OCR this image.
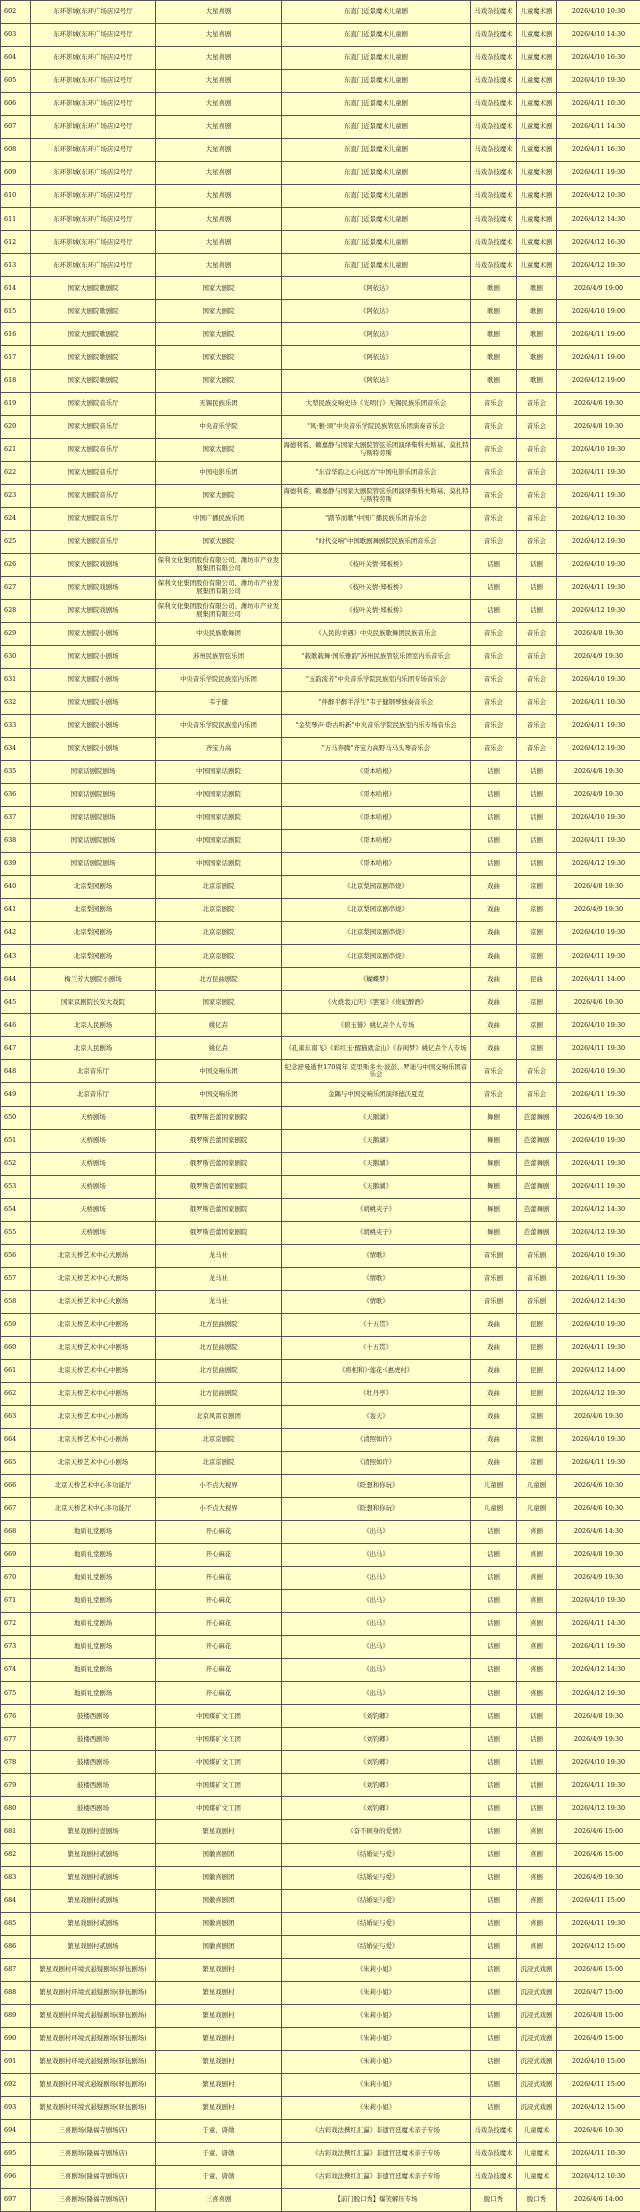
602	东环影城(东环广场店)2号厅	大星喜剧	东直门近景魔术儿童剧	马戏杂技魔术	儿童魔术剧	2026/4/10 10:30
603	东环影城(东环广场店)2号厅	大星喜剧	东直门近景魔术儿童剧	马戏杂技魔术	儿童魔术剧	2026/4/10 14:30
604	东环影城(东环广场店)2号厅	大星喜剧	东直门近景魔术儿童剧	马戏杂技魔术	儿童魔术剧	2026/4/10 16:30
605	东环影城(东环广场店)2号厅	大星喜剧	东直门近景魔术儿童剧	马戏杂技魔术	儿童魔术剧	2026/4/10 19:30
606	东环影城(东环广场店)2号厅	大星喜剧	东直门近景魔术儿童剧	马戏杂技魔术	儿童魔术剧	2026/4/11 10:30
607	东环影城(东环广场店)2号厅	大星喜剧	东直门近景魔术儿童剧	马戏杂技魔术	儿童魔术剧	2026/4/11 14:30
608	东环影城(东环广场店)2号厅	大星喜剧	东直门近景魔术儿童剧	马戏杂技魔术	儿童魔术剧	2026/4/11 16:30
609	东环影城(东环广场店)2号厅	大星喜剧	东直门近景魔术儿童剧	马戏杂技魔术	儿童魔术剧	2026/4/11 19:30
610	东环影城(东环广场店)2号厅	大星喜剧	东直门近景魔术儿童剧	马戏杂技魔术	儿童魔术剧	2026/4/12 10:30
611	东环影城(东环广场店)2号厅	大星喜剧	东直门近景魔术儿童剧	马戏杂技魔术	儿童魔术剧	2026/4/12 14:30
612	东环影城(东环广场店)2号厅	大星喜剧	东直门近景魔术儿童剧	马戏杂技魔术	儿童魔术剧	2026/4/12 16:30
613	东环影城(东环广场店)2号厅	大星喜剧	东直门近景魔术儿童剧	马戏杂技魔术	儿童魔术剧	2026/4/12 19:30
614	国家大剧院歌剧院	国家大剧院	《阿依达》	歌剧	歌剧	2026/4/9 19:00
615	国家大剧院歌剧院	国家大剧院	《阿依达》	歌剧	歌剧	2026/4/10 19:00
616	国家大剧院歌剧院	国家大剧院	《阿依达》	歌剧	歌剧	2026/4/11 19:00
617	国家大剧院歌剧院	国家大剧院	《阿依达》	歌剧	歌剧	2026/4/11 19:00
618	国家大剧院歌剧院	国家大剧院	《阿依达》	歌剧	歌剧	2026/4/12 19:00
619	国家大剧院音乐厅	无锡民族乐团	大型民族交响史诗《光明行》无锡民族乐团音乐会	音乐会	音乐会	2026/4/6 19:30
620	国家大剧院音乐厅	中央音乐学院	"风·雅·颂"中央音乐学院民族管弦乐团演奏音乐会	音乐会	音乐会	2026/4/8 19:30
621	国家大剧院音乐厅	国家大剧院	海德利希、赖嘉静与国家大剧院管弦乐团演绎柴科夫斯基、莫扎特与斯特劳斯	音乐会	音乐会	2026/4/10 19:30
622	国家大剧院音乐厅	中国电影乐团	"东营华韵之心向远方"中国电影乐团音乐会	音乐会	音乐会	2026/4/11 19:30
623	国家大剧院音乐厅	国家大剧院	海德利希、赖嘉静与国家大剧院管弦乐团演绎柴科夫斯基、莫扎特与斯特劳斯	音乐会	音乐会	2026/4/11 19:30
624	国家大剧院音乐厅	中国广播民族乐团	"踏节而歌"中国广播民族乐团音乐会	音乐会	音乐会	2026/4/12 10:30
625	国家大剧院音乐厅	国家大剧院	"时代交响"中国歌剧舞剧院民族乐团音乐会	音乐会	音乐会	2026/4/12 19:30
626	国家大剧院戏剧场	保利文化集团股份有限公司、潍坊市产业发展集团有限公司	《枝叶关情·郑板桥》	话剧	话剧	2026/4/10 19:30
627	国家大剧院戏剧场	保利文化集团股份有限公司、潍坊市产业发展集团有限公司	《枝叶关情·郑板桥》	话剧	话剧	2026/4/11 19:30
628	国家大剧院戏剧场	保利文化集团股份有限公司、潍坊市产业发展集团有限公司	《枝叶关情·郑板桥》	话剧	话剧	2026/4/12 19:30
629	国家大剧院小剧场	中央民族歌舞团	《人民的幸遇》中央民族歌舞团民族音乐会	音乐会	音乐会	2026/4/8 19:30
630	国家大剧院小剧场	苏州民族管弦乐团	"载歌载舞·国乐雅韵"苏州民族管弦乐团室内乐音乐会	音乐会	音乐会	2026/4/9 19:30
631	国家大剧院小剧场	中央音乐学院民族室内乐团	"玉韵流芳"中央音乐学院民族室内乐团专场音乐会	音乐会	音乐会	2026/4/10 19:30
632	国家大剧院小剧场	韦子健	"伴醉半醉半浮生"韦子健钢琴独奏音乐会	音乐会	音乐会	2026/4/11 10:30
633	国家大剧院小剧场	中央音乐学院民族室内乐团	"金奖琴声·聆古听新"中央音乐学院民族室内乐专场音乐会	音乐会	音乐会	2026/4/11 19:30
634	国家大剧院小剧场	齐宝力高	"万马奔腾"齐宝力高野马马头琴音乐会	音乐会	音乐会	2026/4/12 19:30
635	国家话剧院剧场	中国国家话剧院	《哥本哈根》	话剧	话剧	2026/4/8 19:30
636	国家话剧院剧场	中国国家话剧院	《哥本哈根》	话剧	话剧	2026/4/9 19:30
637	国家话剧院剧场	中国国家话剧院	《哥本哈根》	话剧	话剧	2026/4/10 19:30
638	国家话剧院剧场	中国国家话剧院	《哥本哈根》	话剧	话剧	2026/4/11 19:30
639	国家话剧院剧场	中国国家话剧院	《哥本哈根》	话剧	话剧	2026/4/12 19:30
640	北京梨园剧场	北京京剧院	《北京梨园京剧串烧》	戏曲	京剧	2026/4/8 19:30
641	北京梨园剧场	北京京剧院	《北京梨园京剧串烧》	戏曲	京剧	2026/4/9 19:30
642	北京梨园剧场	北京京剧院	《北京梨园京剧串烧》	戏曲	京剧	2026/4/10 19:30
643	北京梨园剧场	北京京剧院	《北京梨园京剧串烧》	戏曲	京剧	2026/4/11 19:30
644	梅兰芳大剧院小剧场	北方昆曲剧院	《蝴蝶梦》	戏曲	昆曲	2026/4/11 14:00
645	国家京剧院长安大戏院	国家京剧院	《火烧裴元庆》《罢宴》《贵妃醉酒》	戏曲	京剧	2026/4/6 19:30
646	北京人民剧场	姚亿垚	《碧玉簪》姚亿垚个人专场	戏曲	京剧	2026/4/10 19:30
647	北京人民剧场	姚亿垚	《孔雀东南飞》《彩红玉·醒猫就金山》《春闺梦》姚亿垚个人专场	戏曲	京剧	2026/4/11 19:30
648	北京音乐厅	中国交响乐团	纪念舒曼逝世170周年 克里斯多夫·波彭、罗迪与中国交响乐团音乐会	音乐会	音乐会	2026/4/10 19:30
649	北京音乐厅	中国交响乐团	金隅与中国交响乐团演绎德沃夏克	音乐会	音乐会	2026/4/11 19:30
650	天桥剧场	俄罗斯芭蕾国家剧院	《天鹅湖》	舞剧	芭蕾舞剧	2026/4/9 19:30
651	天桥剧场	俄罗斯芭蕾国家剧院	《天鹅湖》	舞剧	芭蕾舞剧	2026/4/10 19:30
652	天桥剧场	俄罗斯芭蕾国家剧院	《天鹅湖》	舞剧	芭蕾舞剧	2026/4/11 19:30
653	天桥剧场	俄罗斯芭蕾国家剧院	《天鹅湖》	舞剧	芭蕾舞剧	2026/4/11 19:30
654	天桥剧场	俄罗斯芭蕾国家剧院	《胡桃夹子》	舞剧	芭蕾舞剧	2026/4/12 14:30
655	天桥剧场	俄罗斯芭蕾国家剧院	《胡桃夹子》	舞剧	芭蕾舞剧	2026/4/12 19:30
656	北京天桥艺术中心大剧场	龙马社	《情歌》	音乐剧	音乐剧	2026/4/10 19:30
657	北京天桥艺术中心大剧场	龙马社	《情歌》	音乐剧	音乐剧	2026/4/11 19:30
658	北京天桥艺术中心大剧场	龙马社	《情歌》	音乐剧	音乐剧	2026/4/12 14:30
659	北京天桥艺术中心中剧场	北方昆曲剧院	《十五贯》	戏曲	昆剧	2026/4/10 19:30
660	北京天桥艺术中心中剧场	北方昆曲剧院	《十五贯》	戏曲	昆剧	2026/4/11 19:30
661	北京天桥艺术中心中剧场	北方昆曲剧院	《将相和》·莲花·《惠虎村》	戏曲	昆剧	2026/4/12 14:00
662	北京天桥艺术中心中剧场	北方昆曲剧院	《牡丹亭》	戏曲	昆剧	2026/4/12 19:30
663	北京天桥艺术中心小剧场	北京风雷京剧团	《轰天》	戏曲	京剧	2026/4/6 19:30
664	北京天桥艺术中心小剧场	北京京剧院	《清照如许》	戏曲	京剧	2026/4/10 19:30
665	北京天桥艺术中心小剧场	北京京剧院	《清照如许》	戏曲	京剧	2026/4/11 19:30
666	北京天桥艺术中心多功能厅	小不点大视界	《眨想和你玩》	儿童剧	儿童剧	2026/4/6 10:30
667	北京天桥艺术中心多功能厅	小不点大视界	《眨想和你玩》	儿童剧	儿童剧	2026/4/6 10:30
668	地质礼堂剧场	开心麻花	《出马》	话剧	喜剧	2026/4/6 14:30
669	地质礼堂剧场	开心麻花	《出马》	话剧	喜剧	2026/4/8 19:30
670	地质礼堂剧场	开心麻花	《出马》	话剧	喜剧	2026/4/9 19:30
671	地质礼堂剧场	开心麻花	《出马》	话剧	喜剧	2026/4/10 19:30
672	地质礼堂剧场	开心麻花	《出马》	话剧	喜剧	2026/4/11 14:30
673	地质礼堂剧场	开心麻花	《出马》	话剧	喜剧	2026/4/11 19:30
674	地质礼堂剧场	开心麻花	《出马》	话剧	喜剧	2026/4/12 14:30
675	地质礼堂剧场	开心麻花	《出马》	话剧	喜剧	2026/4/12 19:30
676	鼓楼西剧场	中国煤矿文工团	《刘钓卿》	话剧	话剧	2026/4/8 19:30
677	鼓楼西剧场	中国煤矿文工团	《刘钓卿》	话剧	话剧	2026/4/9 19:30
678	鼓楼西剧场	中国煤矿文工团	《刘钓卿》	话剧	话剧	2026/4/10 19:30
679	鼓楼西剧场	中国煤矿文工团	《刘钓卿》	话剧	话剧	2026/4/11 19:30
680	鼓楼西剧场	中国煤矿文工团	《刘钓卿》	话剧	话剧	2026/4/12 19:30
681	繁星戏剧村壹剧场	繁星戏剧村	《奋不顾身的爱情》	话剧	喜剧	2026/4/6 15:00
682	繁星戏剧村贰剧场	国徽喜剧团	《结婚证与爱》	话剧	喜剧	2026/4/6 15:00
683	繁星戏剧村贰剧场	国徽喜剧团	《结婚证与爱》	话剧	喜剧	2026/4/9 19:30
684	繁星戏剧村贰剧场	国徽喜剧团	《结婚证与爱》	话剧	喜剧	2026/4/11 15:00
685	繁星戏剧村贰剧场	国徽喜剧团	《结婚证与爱》	话剧	喜剧	2026/4/11 19:30
686	繁星戏剧村贰剧场	国徽喜剧团	《结婚证与爱》	话剧	喜剧	2026/4/12 15:00
687	繁星戏剧村环境式悬疑剧场(驿伍剧场)	繁星戏剧村	《朱莉小姐》	话剧	沉浸式戏剧	2026/4/6 15:00
688	繁星戏剧村环境式悬疑剧场(驿伍剧场)	繁星戏剧村	《朱莉小姐》	话剧	沉浸式戏剧	2026/4/7 15:00
689	繁星戏剧村环境式悬疑剧场(驿伍剧场)	繁星戏剧村	《朱莉小姐》	话剧	沉浸式戏剧	2026/4/8 15:00
690	繁星戏剧村环境式悬疑剧场(驿伍剧场)	繁星戏剧村	《朱莉小姐》	话剧	沉浸式戏剧	2026/4/9 15:00
691	繁星戏剧村环境式悬疑剧场(驿伍剧场)	繁星戏剧村	《朱莉小姐》	话剧	沉浸式戏剧	2026/4/10 15:00
692	繁星戏剧村环境式悬疑剧场(驿伍剧场)	繁星戏剧村	《朱莉小姐》	话剧	沉浸式戏剧	2026/4/11 15:00
693	繁星戏剧村环境式悬疑剧场(驿伍剧场)	繁星戏剧村	《朱莉小姐》	话剧	沉浸式戏剧	2026/4/12 15:00
694	三喜剧场(隆福寺剧场店)	于童、唐勋	《古彩戏法携红汇瀛》非遗官廷魔术亲子专场	马戏杂技魔术	儿童魔术	2026/4/6 10:30
695	三喜剧场(隆福寺剧场店)	于童、唐勋	《古彩戏法携红汇瀛》非遗官廷魔术亲子专场	马戏杂技魔术	儿童魔术	2026/4/11 10:30
696	三喜剧场(隆福寺剧场店)	于童、唐勋	《古彩戏法携红汇瀛》非遗官廷魔术亲子专场	马戏杂技魔术	儿童魔术	2026/4/12 10:30
697	三喜剧场(隆福寺剧场店)	三喜喜剧	【前门脱口秀】爆笑解压专场	脱口秀	脱口秀	2026/4/6 14:00
